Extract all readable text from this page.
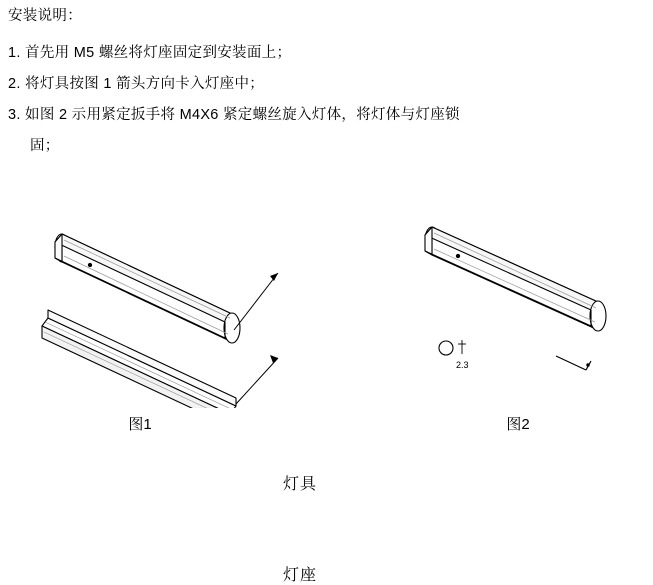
安装说明：
1. 首先用 M5 螺丝将灯座固定到安装面上；
2. 将灯具按图 1 箭头方向卡入灯座中；
3. 如图 2 示用紧定扳手将 M4X6 紧定螺丝旋入灯体，将灯体与灯座锁
固；
2.3
灯具
灯座
图1	图2
